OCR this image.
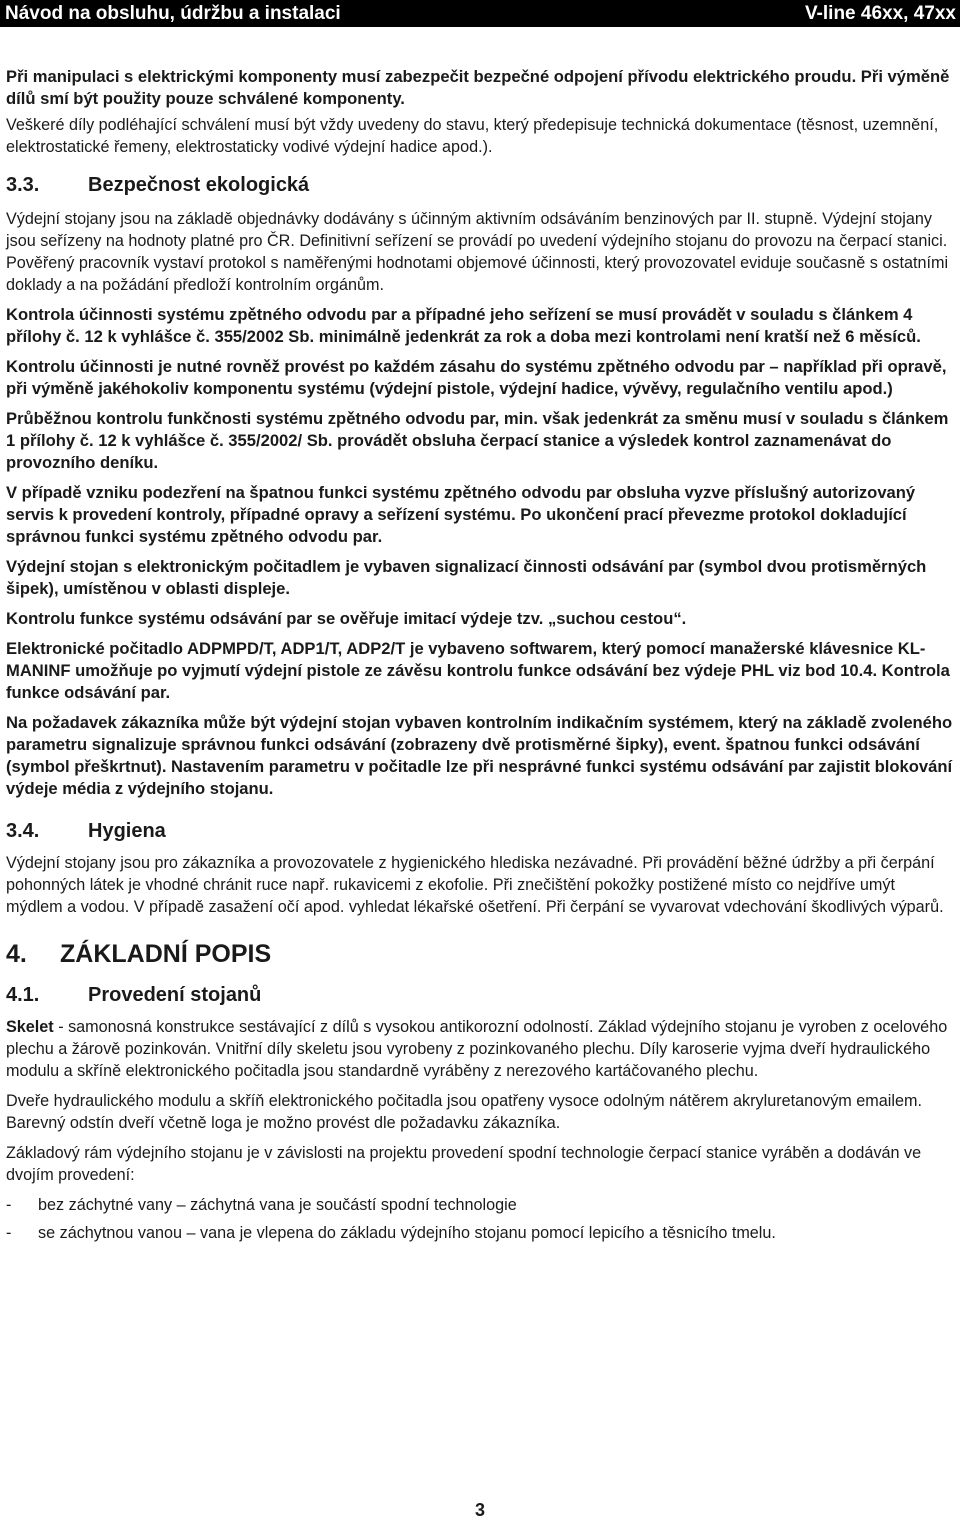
Návod na obsluhu, údržbu a instalaci	V-line 46xx, 47xx

Při manipulaci s elektrickými komponenty musí zabezpečit bezpečné odpojení přívodu elektrického proudu. Při výměně dílů smí být použity pouze schválené komponenty.

Veškeré díly podléhající schválení musí být vždy uvedeny do stavu, který předepisuje technická dokumentace (těsnost, uzemnění, elektrostatické řemeny, elektrostaticky vodivé výdejní hadice apod.).

3.3.	Bezpečnost ekologická

Výdejní stojany jsou na základě objednávky dodávány s účinným aktivním odsáváním benzinových par II. stupně. Výdejní stojany jsou seřízeny na hodnoty platné pro ČR. Definitivní seřízení se provádí po uvedení výdejního stojanu do provozu na čerpací stanici. Pověřený pracovník vystaví protokol s naměřenými hodnotami objemové účinnosti, který provozovatel eviduje současně s ostatními doklady a na požádání předloží kontrolním orgánům.

Kontrola účinnosti systému zpětného odvodu par a případné jeho seřízení se musí provádět v souladu s článkem 4 přílohy č. 12 k vyhlášce č. 355/2002 Sb. minimálně jedenkrát za rok a doba mezi kontrolami není kratší než 6 měsíců.

Kontrolu účinnosti je nutné rovněž provést po každém zásahu do systému zpětného odvodu par – například při opravě, při výměně jakéhokoliv komponentu systému (výdejní pistole, výdejní hadice, vývěvy, regulačního ventilu apod.)

Průběžnou kontrolu funkčnosti systému zpětného odvodu par, min. však jedenkrát za směnu musí v souladu s článkem 1 přílohy č. 12 k vyhlášce č. 355/2002/ Sb. provádět obsluha čerpací stanice a výsledek kontrol zaznamenávat do provozního deníku.

V případě vzniku podezření na špatnou funkci systému zpětného odvodu par obsluha vyzve příslušný autorizovaný servis k provedení kontroly, případné opravy a seřízení systému. Po ukončení prací převezme protokol dokladující správnou funkci systému zpětného odvodu par.

Výdejní stojan s elektronickým počitadlem je vybaven signalizací činnosti odsávání par (symbol dvou protisměrných šipek), umístěnou v oblasti displeje.

Kontrolu funkce systému odsávání par se ověřuje imitací výdeje tzv. „suchou cestou“.

Elektronické počitadlo ADPMPD/T, ADP1/T, ADP2/T je vybaveno softwarem, který pomocí manažerské klávesnice KL-MANINF umožňuje po vyjmutí výdejní pistole ze závěsu kontrolu funkce odsávání bez výdeje PHL viz bod 10.4. Kontrola funkce odsávání par.

Na požadavek zákazníka může být výdejní stojan vybaven kontrolním indikačním systémem, který na základě zvoleného parametru signalizuje správnou funkci odsávání (zobrazeny dvě protisměrné šipky), event. špatnou funkci odsávání (symbol přeškrtnut). Nastavením parametru v počitadle lze při nesprávné funkci systému odsávání par zajistit blokování výdeje média z výdejního stojanu.

3.4.	Hygiena

Výdejní stojany jsou pro zákazníka a provozovatele z hygienického hlediska nezávadné. Při provádění běžné údržby a při čerpání pohonných látek je vhodné chránit ruce např. rukavicemi z ekofolie. Při znečištění pokožky postižené místo co nejdříve umýt mýdlem a vodou. V případě zasažení očí apod. vyhledat lékařské ošetření. Při čerpání se vyvarovat vdechování škodlivých výparů.

4.	ZÁKLADNÍ POPIS
4.1.	Provedení stojanů

Skelet - samonosná konstrukce sestávající z dílů s vysokou antikorozní odolností. Základ výdejního stojanu je vyroben z ocelového plechu a žárově pozinkován. Vnitřní díly skeletu jsou vyrobeny z pozinkovaného plechu. Díly karoserie vyjma dveří hydraulického modulu a skříně elektronického počitadla jsou standardně vyráběny z nerezového kartáčovaného plechu.

Dveře hydraulického modulu a skříň elektronického počitadla jsou opatřeny vysoce odolným nátěrem akryluretanovým emailem. Barevný odstín dveří včetně loga je možno provést dle požadavku zákazníka.

Základový rám výdejního stojanu je v závislosti na projektu provedení spodní technologie čerpací stanice vyráběn a dodáván ve dvojím provedení:

-	bez záchytné vany – záchytná vana je součástí spodní technologie
-	se záchytnou vanou – vana je vlepena do základu výdejního stojanu pomocí lepicího a těsnicího tmelu.
3
